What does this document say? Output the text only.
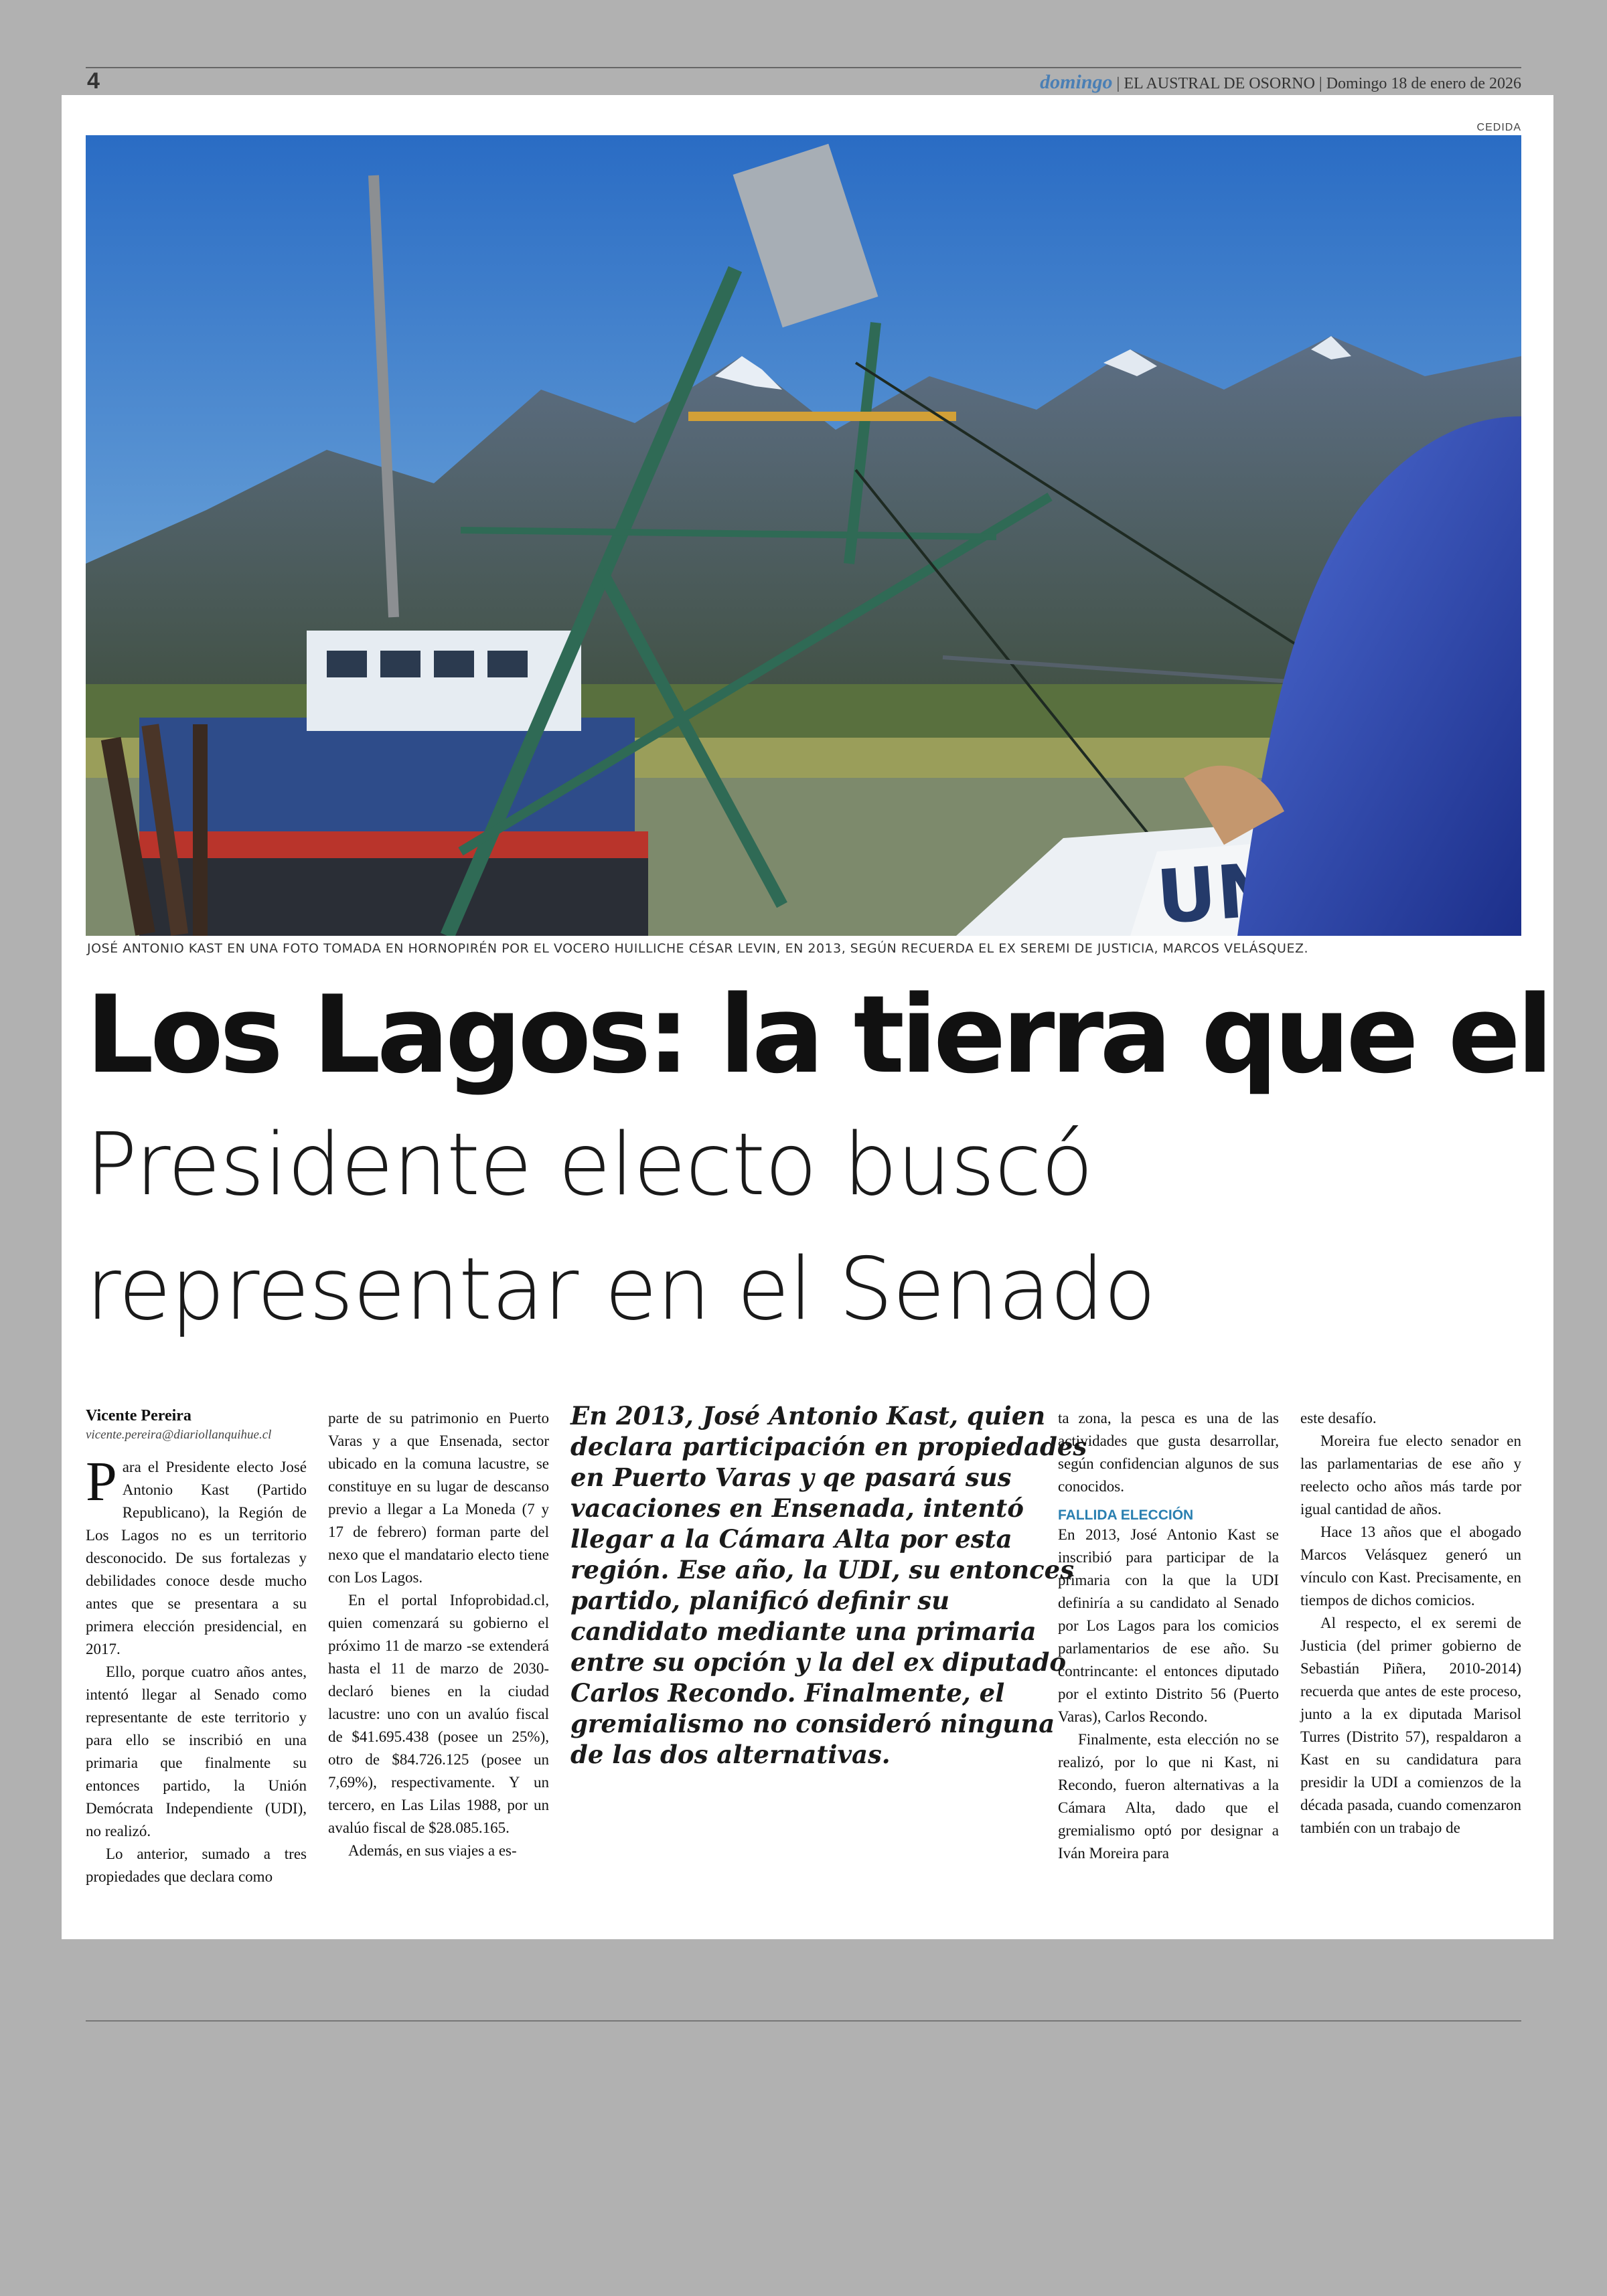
4	domingo | EL AUSTRAL DE OSORNO | Domingo 18 de enero de 2026
CEDIDA
JOSÉ ANTONIO KAST EN UNA FOTO TOMADA EN HORNOPIRÉN POR EL VOCERO HUILLICHE CÉSAR LEVIN, EN 2013, SEGÚN RECUERDA EL EX SEREMI DE JUSTICIA, MARCOS VELÁSQUEZ.
Los Lagos: la tierra que el
Presidente electo buscó
representar en el Senado
Vicente Pereira
vicente.pereira@diariollanquihue.cl

Para el Presidente electo José Antonio Kast (Partido Republicano), la Región de Los Lagos no es un territorio desconocido. De sus fortalezas y debilidades conoce desde mucho antes que se presentara a su primera elección presidencial, en 2017.

Ello, porque cuatro años antes, intentó llegar al Senado como representante de este territorio y para ello se inscribió en una primaria que finalmente su entonces partido, la Unión Demócrata Independiente (UDI), no realizó.

Lo anterior, sumado a tres propiedades que declara como

parte de su patrimonio en Puerto Varas y a que Ensenada, sector ubicado en la comuna lacustre, se constituye en su lugar de descanso previo a llegar a La Moneda (7 y 17 de febrero) forman parte del nexo que el mandatario electo tiene con Los Lagos.

En el portal Infoprobidad.cl, quien comenzará su gobierno el próximo 11 de marzo -se extenderá hasta el 11 de marzo de 2030- declaró bienes en la ciudad lacustre: uno con un avalúo fiscal de $41.695.438 (posee un 25%), otro de $84.726.125 (posee un 7,69%), respectivamente. Y un tercero, en Las Lilas 1988, por un avalúo fiscal de $28.085.165.

Además, en sus viajes a es-

En 2013, José Antonio Kast, quien declara participación en propiedades en Puerto Varas y qe pasará sus vacaciones en Ensenada, intentó llegar a la Cámara Alta por esta región. Ese año, la UDI, su entonces partido, planificó definir su candidato mediante una primaria entre su opción y la del ex diputado Carlos Recondo. Finalmente, el gremialismo no consideró ninguna de las dos alternativas.

ta zona, la pesca es una de las actividades que gusta desarrollar, según confidencian algunos de sus conocidos.

FALLIDA ELECCIÓN

En 2013, José Antonio Kast se inscribió para participar de la primaria con la que la UDI definiría a su candidato al Senado por Los Lagos para los comicios parlamentarios de ese año. Su contrincante: el entonces diputado por el extinto Distrito 56 (Puerto Varas), Carlos Recondo.

Finalmente, esta elección no se realizó, por lo que ni Kast, ni Recondo, fueron alternativas a la Cámara Alta, dado que el gremialismo optó por designar a Iván Moreira para

este desafío.

Moreira fue electo senador en las parlamentarias de ese año y reelecto ocho años más tarde por igual cantidad de años.

Hace 13 años que el abogado Marcos Velásquez generó un vínculo con Kast. Precisamente, en tiempos de dichos comicios.

Al respecto, el ex seremi de Justicia (del primer gobierno de Sebastián Piñera, 2010-2014) recuerda que antes de este proceso, junto a la ex diputada Marisol Turres (Distrito 57), respaldaron a Kast en su candidatura para presidir la UDI a comienzos de la década pasada, cuando comenzaron también con un trabajo de
